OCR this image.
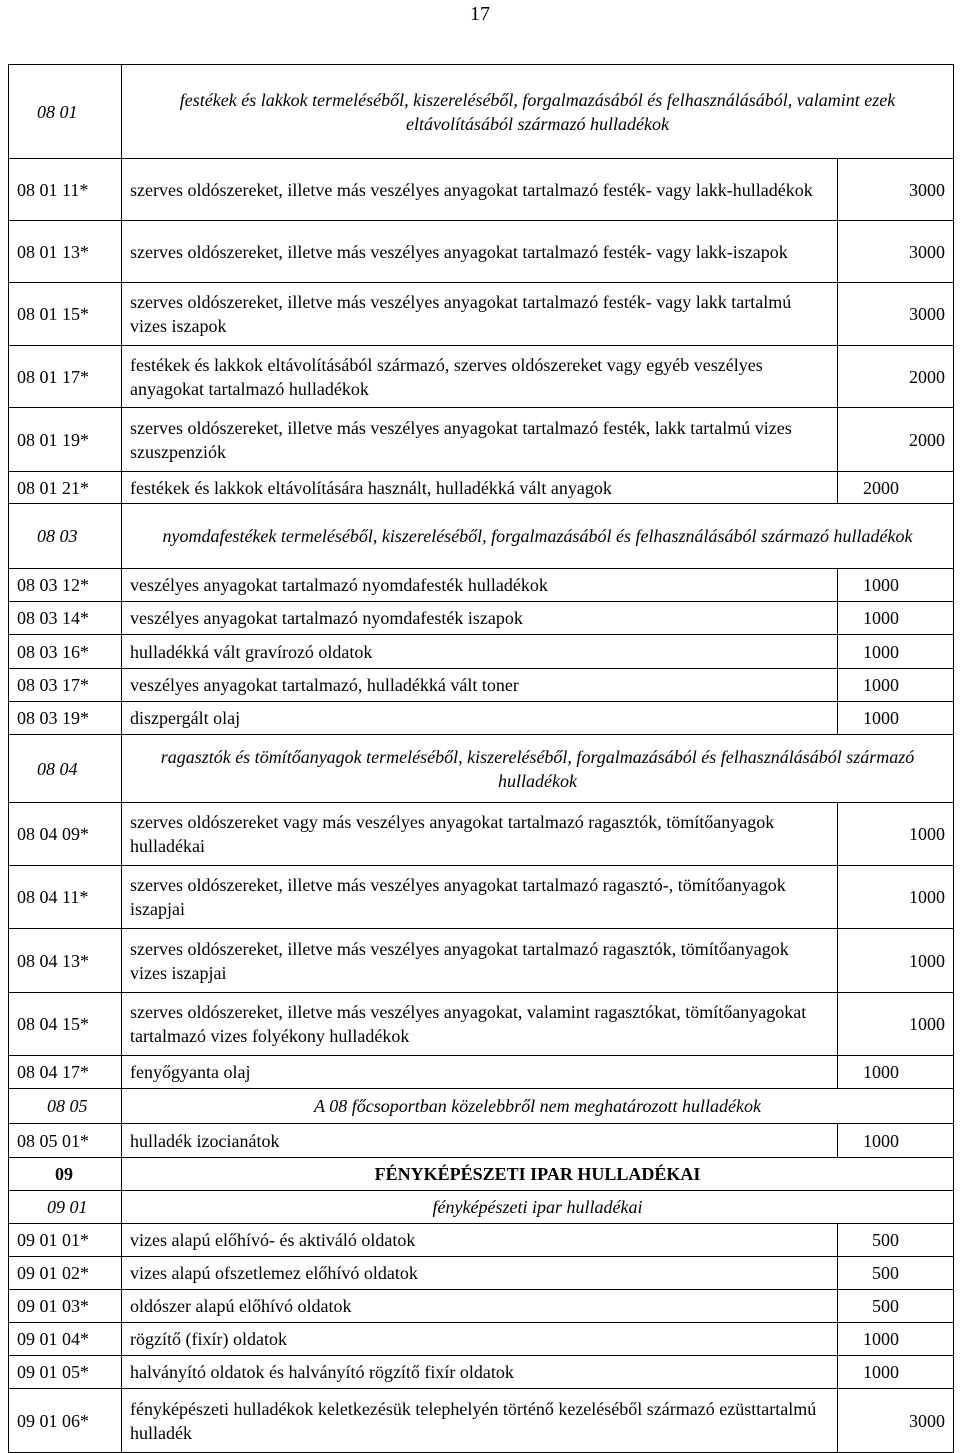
17
08 01	festékek és lakkok termeléséből, kiszereléséből, forgalmazásából és felhasználásából, valamint ezek eltávolításából származó hulladékok	
08 01 11*	szerves oldószereket, illetve más veszélyes anyagokat tartalmazó festék- vagy lakk-hulladékok	3000
08 01 13*	szerves oldószereket, illetve más veszélyes anyagokat tartalmazó festék- vagy lakk-iszapok	3000
08 01 15*	szerves oldószereket, illetve más veszélyes anyagokat tartalmazó festék- vagy lakk tartalmú vizes iszapok	3000
08 01 17*	festékek és lakkok eltávolításából származó, szerves oldószereket vagy egyéb veszélyes anyagokat tartalmazó hulladékok	2000
08 01 19*	szerves oldószereket, illetve más veszélyes anyagokat tartalmazó festék, lakk tartalmú vizes szuszpenziók	2000
08 01 21*	festékek és lakkok eltávolítására használt, hulladékká vált anyagok	2000
08 03	nyomdafestékek termeléséből, kiszereléséből, forgalmazásából és felhasználásából származó hulladékok	
08 03 12*	veszélyes anyagokat tartalmazó nyomdafesték hulladékok	1000
08 03 14*	veszélyes anyagokat tartalmazó nyomdafesték iszapok	1000
08 03 16*	hulladékká vált gravírozó oldatok	1000
08 03 17*	veszélyes anyagokat tartalmazó, hulladékká vált toner	1000
08 03 19*	diszpergált olaj	1000
08 04	ragasztók és tömítőanyagok termeléséből, kiszereléséből, forgalmazásából és felhasználásából származó hulladékok	
08 04 09*	szerves oldószereket vagy más veszélyes anyagokat tartalmazó ragasztók, tömítőanyagok hulladékai	1000
08 04 11*	szerves oldószereket, illetve más veszélyes anyagokat tartalmazó ragasztó-, tömítőanyagok iszapjai	1000
08 04 13*	szerves oldószereket, illetve más veszélyes anyagokat tartalmazó ragasztók, tömítőanyagok vizes iszapjai	1000
08 04 15*	szerves oldószereket, illetve más veszélyes anyagokat, valamint ragasztókat, tömítőanyagokat tartalmazó vizes folyékony hulladékok	1000
08 04 17*	fenyőgyanta olaj	1000
08 05	A 08 főcsoportban közelebbről nem meghatározott hulladékok	
08 05 01*	hulladék izocianátok	1000
09	FÉNYKÉPÉSZETI IPAR HULLADÉKAI	
09 01	fényképészeti ipar hulladékai	
09 01 01*	vizes alapú előhívó- és aktiváló oldatok	500
09 01 02*	vizes alapú ofszetlemez előhívó oldatok	500
09 01 03*	oldószer alapú előhívó oldatok	500
09 01 04*	rögzítő (fixír) oldatok	1000
09 01 05*	halványító oldatok és halványító rögzítő fixír oldatok	1000
09 01 06*	fényképészeti hulladékok keletkezésük telephelyén történő kezeléséből származó ezüsttartalmú hulladék	3000
